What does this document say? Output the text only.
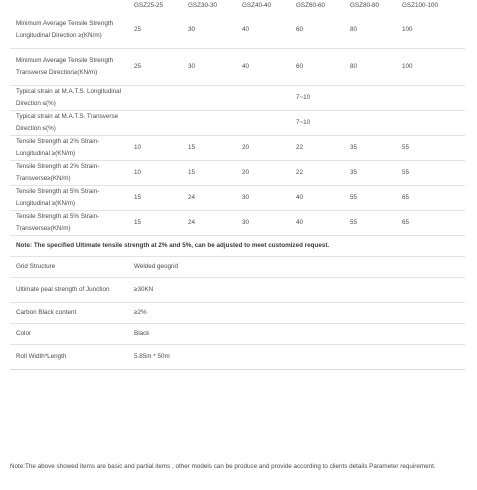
	GSZ25-25	GSZ30-30	GSZ40-40	GSZ60-60	GSZ80-80	GSZ100-100
Minimum Average Tensile Strength Longitudinal Direction ≥(KN/m)	25	30	40	60	80	100
Minimum Average Tensile Strength Transverse Direction≥(KN/m)	25	30	40	60	80	100
Typical strain at M.A.T.S. Longitudinal Direction ≤(%)				7~10		
Typical strain at M.A.T.S. Transverse Direction ≤(%)				7~10		
Tensile Strength at 2% Strain-Longitudinal ≥(KN/m)	10	15	20	22	35	55
Tensile Strength at 2% Strain-Transverse≥(KN/m)	10	15	20	22	35	55
Tensile Strength at 5% Strain-Longitudinal ≥(KN/m)	15	24	30	40	55	65
Tensile Strength at 5% Strain-Transverse≥(KN/m)	15	24	30	40	55	65
Note: The specified Ultimate tensile strength at 2% and 5%, can be adjusted to meet customized request.						
Grid Structure	Welded geogrid					
Ultimate peal strength of Junction	≥30KN					
Carbon Black content	≥2%					
Color	Black					
Roll Width*Length	5.85m * 50m					
Note:The above showed items are basic and partial items , other models can be produce and provide according to clients details Parameter requirement.
